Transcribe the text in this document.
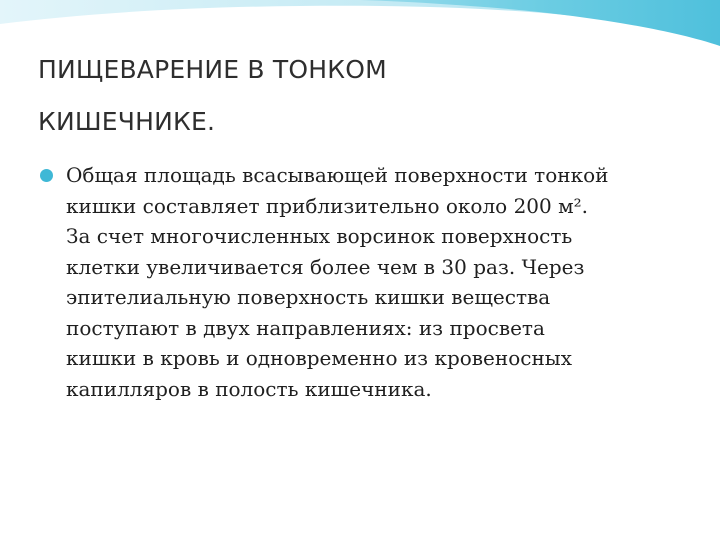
ПИЩЕВАРЕНИЕ В ТОНКОМ
КИШЕЧНИКЕ.

Общая площадь всасывающей поверхности тонкой
кишки составляет приблизительно около 200 м².
За счет многочисленных ворсинок поверхность
клетки увеличивается более чем в 30 раз. Через
эпителиальную поверхность кишки вещества
поступают в двух направлениях: из просвета
кишки в кровь и одновременно из кровеносных
капилляров в полость кишечника.
